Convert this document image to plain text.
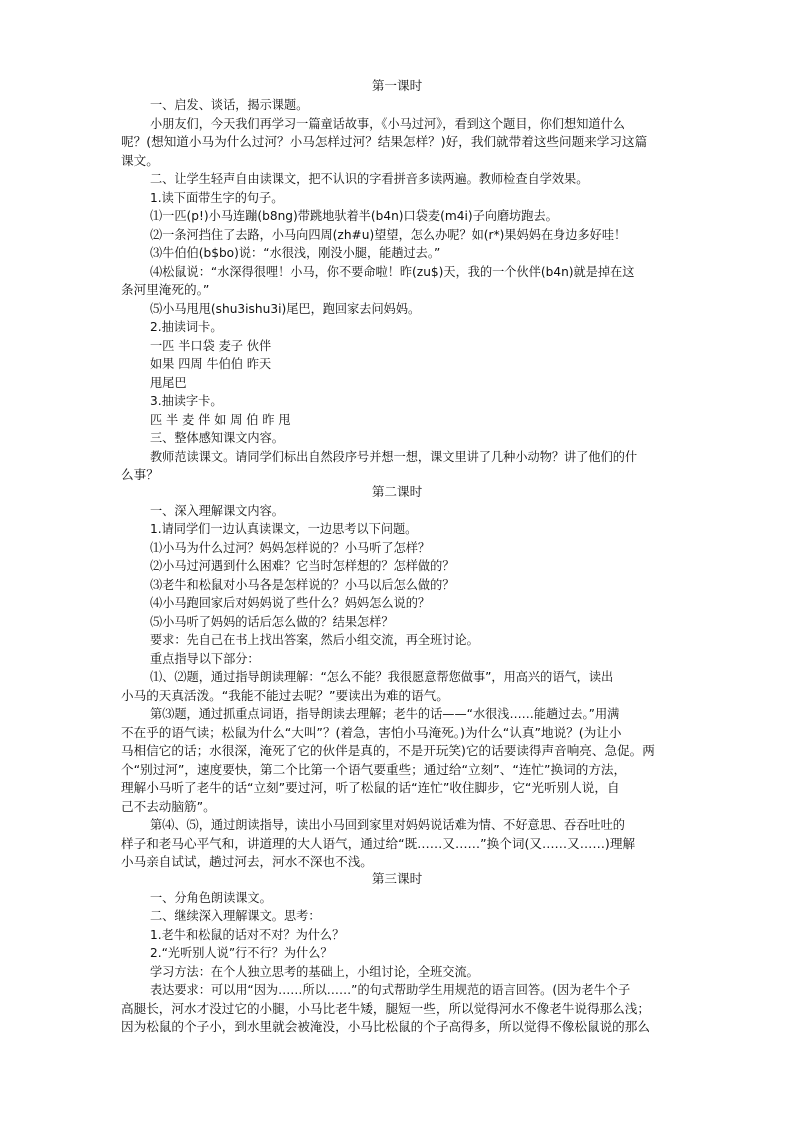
第一课时
一、启发、谈话，揭示课题。
小朋友们，今天我们再学习一篇童话故事，《小马过河》，看到这个题目，你们想知道什么
呢？(想知道小马为什么过河？小马怎样过河？结果怎样？)好，我们就带着这些问题来学习这篇
课文。
二、让学生轻声自由读课文，把不认识的字看拼音多读两遍。教师检查自学效果。
1.读下面带生字的句子。
⑴一匹(p!)小马连蹦(b8ng)带跳地驮着半(b4n)口袋麦(m4i)子向磨坊跑去。
⑵一条河挡住了去路，小马向四周(zh#u)望望，怎么办呢？如(r*)果妈妈在身边多好哇！
⑶牛伯伯(b$bo)说：“水很浅，刚没小腿，能趟过去。”
⑷松鼠说：“水深得很哩！小马，你不要命啦！昨(zu$)天，我的一个伙伴(b4n)就是掉在这
条河里淹死的。”
⑸小马甩甩(shu3ishu3i)尾巴，跑回家去问妈妈。
2.抽读词卡。
一匹 半口袋 麦子 伙伴
如果 四周 牛伯伯 昨天
甩尾巴
3.抽读字卡。
匹 半 麦 伴 如 周 伯 昨 甩
三、整体感知课文内容。
教师范读课文。请同学们标出自然段序号并想一想，课文里讲了几种小动物？讲了他们的什
么事？
第二课时
一、深入理解课文内容。
1.请同学们一边认真读课文，一边思考以下问题。
⑴小马为什么过河？妈妈怎样说的？小马听了怎样？
⑵小马过河遇到什么困难？它当时怎样想的？怎样做的？
⑶老牛和松鼠对小马各是怎样说的？小马以后怎么做的？
⑷小马跑回家后对妈妈说了些什么？妈妈怎么说的？
⑸小马听了妈妈的话后怎么做的？结果怎样？
要求：先自己在书上找出答案，然后小组交流，再全班讨论。
重点指导以下部分：
⑴、⑵题，通过指导朗读理解：“怎么不能？我很愿意帮您做事”，用高兴的语气，读出
小马的天真活泼。“我能不能过去呢？”要读出为难的语气。
第⑶题，通过抓重点词语，指导朗读去理解；老牛的话——“水很浅……能趟过去。”用满
不在乎的语气读；松鼠为什么“大叫”？(着急，害怕小马淹死。)为什么“认真”地说？(为让小
马相信它的话；水很深，淹死了它的伙伴是真的，不是开玩笑)它的话要读得声音响亮、急促。两
个“别过河”，速度要快，第二个比第一个语气要重些；通过给“立刻”、“连忙”换词的方法，
理解小马听了老牛的话“立刻”要过河，听了松鼠的话“连忙”收住脚步，它“光听别人说，自
己不去动脑筋”。
第⑷、⑸，通过朗读指导，读出小马回到家里对妈妈说话难为情、不好意思、吞吞吐吐的
样子和老马心平气和，讲道理的大人语气，通过给“既……又……”换个词(又……又……)理解
小马亲自试试，趟过河去，河水不深也不浅。
第三课时
一、分角色朗读课文。
二、继续深入理解课文。思考：
1.老牛和松鼠的话对不对？为什么？
2.“光听别人说”行不行？为什么？
学习方法：在个人独立思考的基础上，小组讨论，全班交流。
表达要求：可以用“因为……所以……”的句式帮助学生用规范的语言回答。(因为老牛个子
高腿长，河水才没过它的小腿，小马比老牛矮，腿短一些，所以觉得河水不像老牛说得那么浅；
因为松鼠的个子小，到水里就会被淹没，小马比松鼠的个子高得多，所以觉得不像松鼠说的那么
